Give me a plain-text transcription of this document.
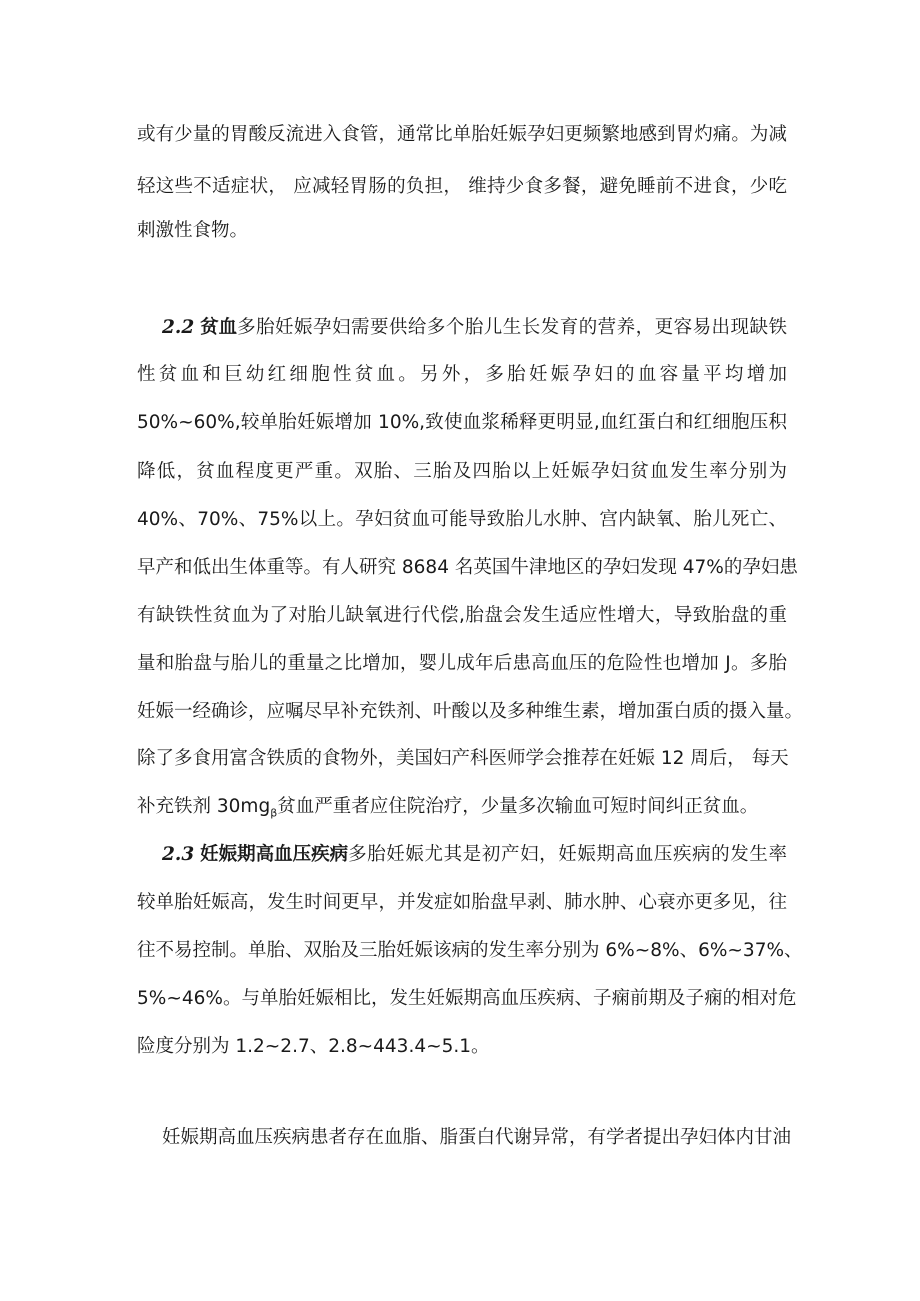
或有少量的胃酸反流进入食管，通常比单胎妊娠孕妇更频繁地感到胃灼痛。为减
轻这些不适症状， 应减轻胃肠的负担， 维持少食多餐，避免睡前不进食，少吃
刺激性食物。
2.2 贫血 多胎妊娠孕妇需要供给多个胎儿生长发育的营养，更容易出现缺铁
性贫血和巨幼红细胞性贫血。另外，多胎妊娠孕妇的血容量平均增加
50%~60%,较单胎妊娠增加 10%,致使血浆稀释更明显,血红蛋白和红细胞压积
降低，贫血程度更严重。双胎、三胎及四胎以上妊娠孕妇贫血发生率分别为
40%、70%、75%以上。孕妇贫血可能导致胎儿水肿、宫内缺氧、胎儿死亡、
早产和低出生体重等。有人研究 8684 名英国牛津地区的孕妇发现 47%的孕妇患
有缺铁性贫血为了对胎儿缺氧进行代偿,胎盘会发生适应性增大，导致胎盘的重
量和胎盘与胎儿的重量之比增加，婴儿成年后患高血压的危险性也增加 J。多胎
妊娠一经确诊，应嘱尽早补充铁剂、叶酸以及多种维生素，增加蛋白质的摄入量。
除了多食用富含铁质的食物外，美国妇产科医师学会推荐在妊娠 12 周后， 每天
补充铁剂 $30mg_\beta$贫血严重者应住院治疗，少量多次输血可短时间纠正贫血。
2.3 妊娠期高血压疾病 多胎妊娠尤其是初产妇，妊娠期高血压疾病的发生率
较单胎妊娠高，发生时间更早，并发症如胎盘早剥、肺水肿、心衰亦更多见，往
往不易控制。单胎、双胎及三胎妊娠该病的发生率分别为 6%~8%、6%~37%、
5%~46%。与单胎妊娠相比，发生妊娠期高血压疾病、子痫前期及子痫的相对危
险度分别为 1.2~2.7、2.8~443.4~5.1。
妊娠期高血压疾病患者存在血脂、脂蛋白代谢异常，有学者提出孕妇体内甘油
